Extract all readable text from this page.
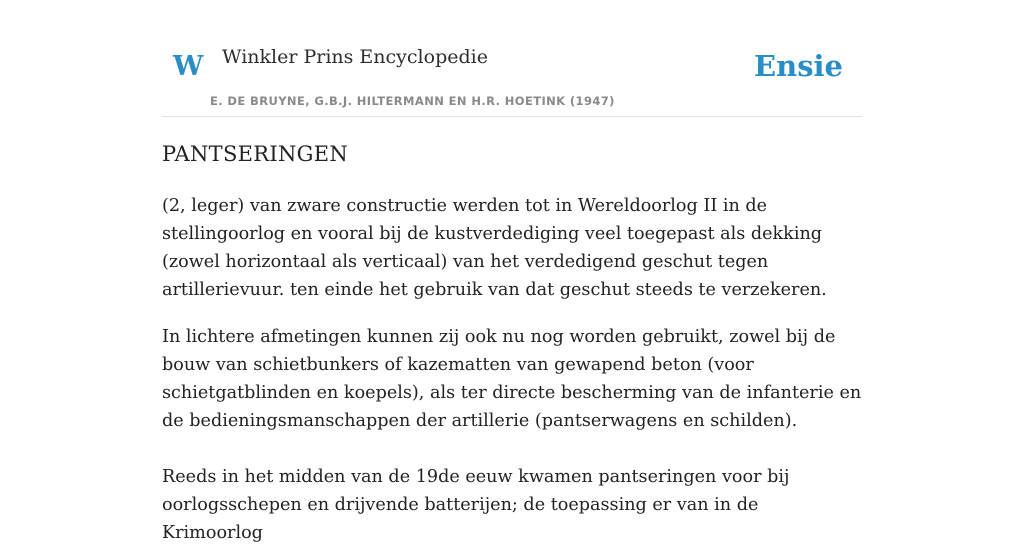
W Winkler Prins Encyclopedie
E. DE BRUYNE, G.B.J. HILTERMANN EN H.R. HOETINK (1947)
Ensie
PANTSERINGEN

(2, leger) van zware constructie werden tot in Wereldoorlog II in de stellingoorlog en vooral bij de kustverdediging veel toegepast als dekking (zowel horizontaal als verticaal) van het verdedigend geschut tegen artillerievuur. ten einde het gebruik van dat geschut steeds te verzekeren.

In lichtere afmetingen kunnen zij ook nu nog worden gebruikt, zowel bij de bouw van schietbunkers of kazematten van gewapend beton (voor schietgatblinden en koepels), als ter directe bescherming van de infanterie en de bedieningsmanschappen der artillerie (pantserwagens en schilden).

Reeds in het midden van de 19de eeuw kwamen pantseringen voor bij oorlogsschepen en drijvende batterijen; de toepassing er van in de Krimoorlog
